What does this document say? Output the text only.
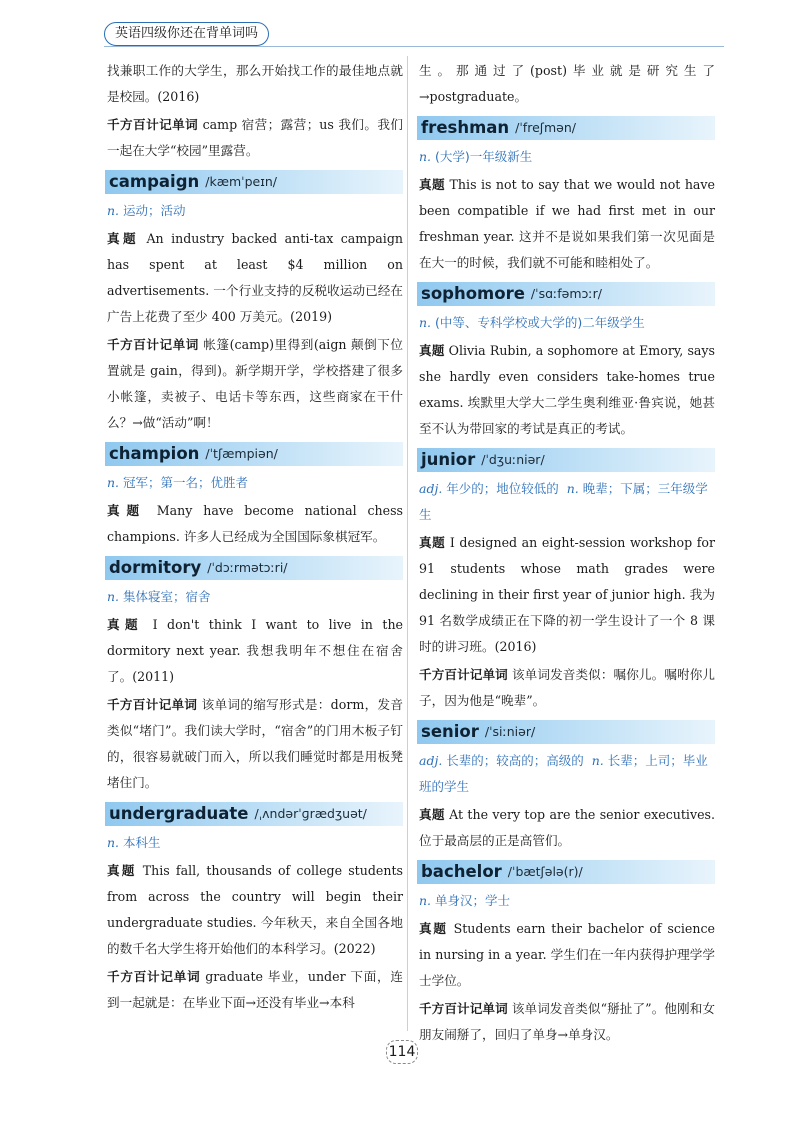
英语四级你还在背单词吗

找兼职工作的大学生，那么开始找工作的最佳地点就是校园。(2016)

千方百计记单词 camp 宿营；露营；us 我们。我们一起在大学“校园”里露营。

campaign /kæmˈpeɪn/
n. 运动；活动

真题 An industry backed anti-tax campaign has spent at least $4 million on advertisements. 一个行业支持的反税收运动已经在广告上花费了至少 400 万美元。(2019)

千方百计记单词 帐篷(camp)里得到(aign 颠倒下位置就是 gain，得到)。新学期开学，学校搭建了很多小帐篷，卖被子、电话卡等东西，这些商家在干什么？→做“活动”啊！

champion /ˈtʃæmpiən/
n. 冠军；第一名；优胜者

真题 Many have become national chess champions. 许多人已经成为全国国际象棋冠军。

dormitory /ˈdɔːrmətɔːri/
n. 集体寝室；宿舍

真题 I don't think I want to live in the dormitory next year. 我想我明年不想住在宿舍了。(2011)

千方百计记单词 该单词的缩写形式是：dorm，发音类似“堵门”。我们读大学时，“宿舍”的门用木板子钉的，很容易就破门而入，所以我们睡觉时都是用板凳堵住门。

undergraduate /ˌʌndərˈɡrædʒuət/
n. 本科生

真题 This fall, thousands of college students from across the country will begin their undergraduate studies. 今年秋天，来自全国各地的数千名大学生将开始他们的本科学习。(2022)

千方百计记单词 graduate 毕业，under 下面，连到一起就是：在毕业下面→还没有毕业→本科

生。那通过了(post)毕业就是研究生了→postgraduate。

freshman /ˈfreʃmən/
n. (大学)一年级新生

真题 This is not to say that we would not have been compatible if we had first met in our freshman year. 这并不是说如果我们第一次见面是在大一的时候，我们就不可能和睦相处了。

sophomore /ˈsɑːfəmɔːr/
n. (中等、专科学校或大学的)二年级学生

真题 Olivia Rubin, a sophomore at Emory, says she hardly even considers take-homes true exams. 埃默里大学大二学生奥利维亚·鲁宾说，她甚至不认为带回家的考试是真正的考试。

junior /ˈdʒuːniər/
adj. 年少的；地位较低的 n. 晚辈；下属；三年级学生

真题 I designed an eight-session workshop for 91 students whose math grades were declining in their first year of junior high. 我为 91 名数学成绩正在下降的初一学生设计了一个 8 课时的讲习班。(2016)

千方百计记单词 该单词发音类似：嘱你儿。嘱咐你儿子，因为他是“晚辈”。

senior /ˈsiːniər/
adj. 长辈的；较高的；高级的 n. 长辈；上司；毕业班的学生

真题 At the very top are the senior executives. 位于最高层的正是高管们。

bachelor /ˈbætʃələ(r)/
n. 单身汉；学士

真题 Students earn their bachelor of science in nursing in a year. 学生们在一年内获得护理学学士学位。

千方百计记单词 该单词发音类似“掰扯了”。他刚和女朋友闹掰了，回归了单身→单身汉。

114
